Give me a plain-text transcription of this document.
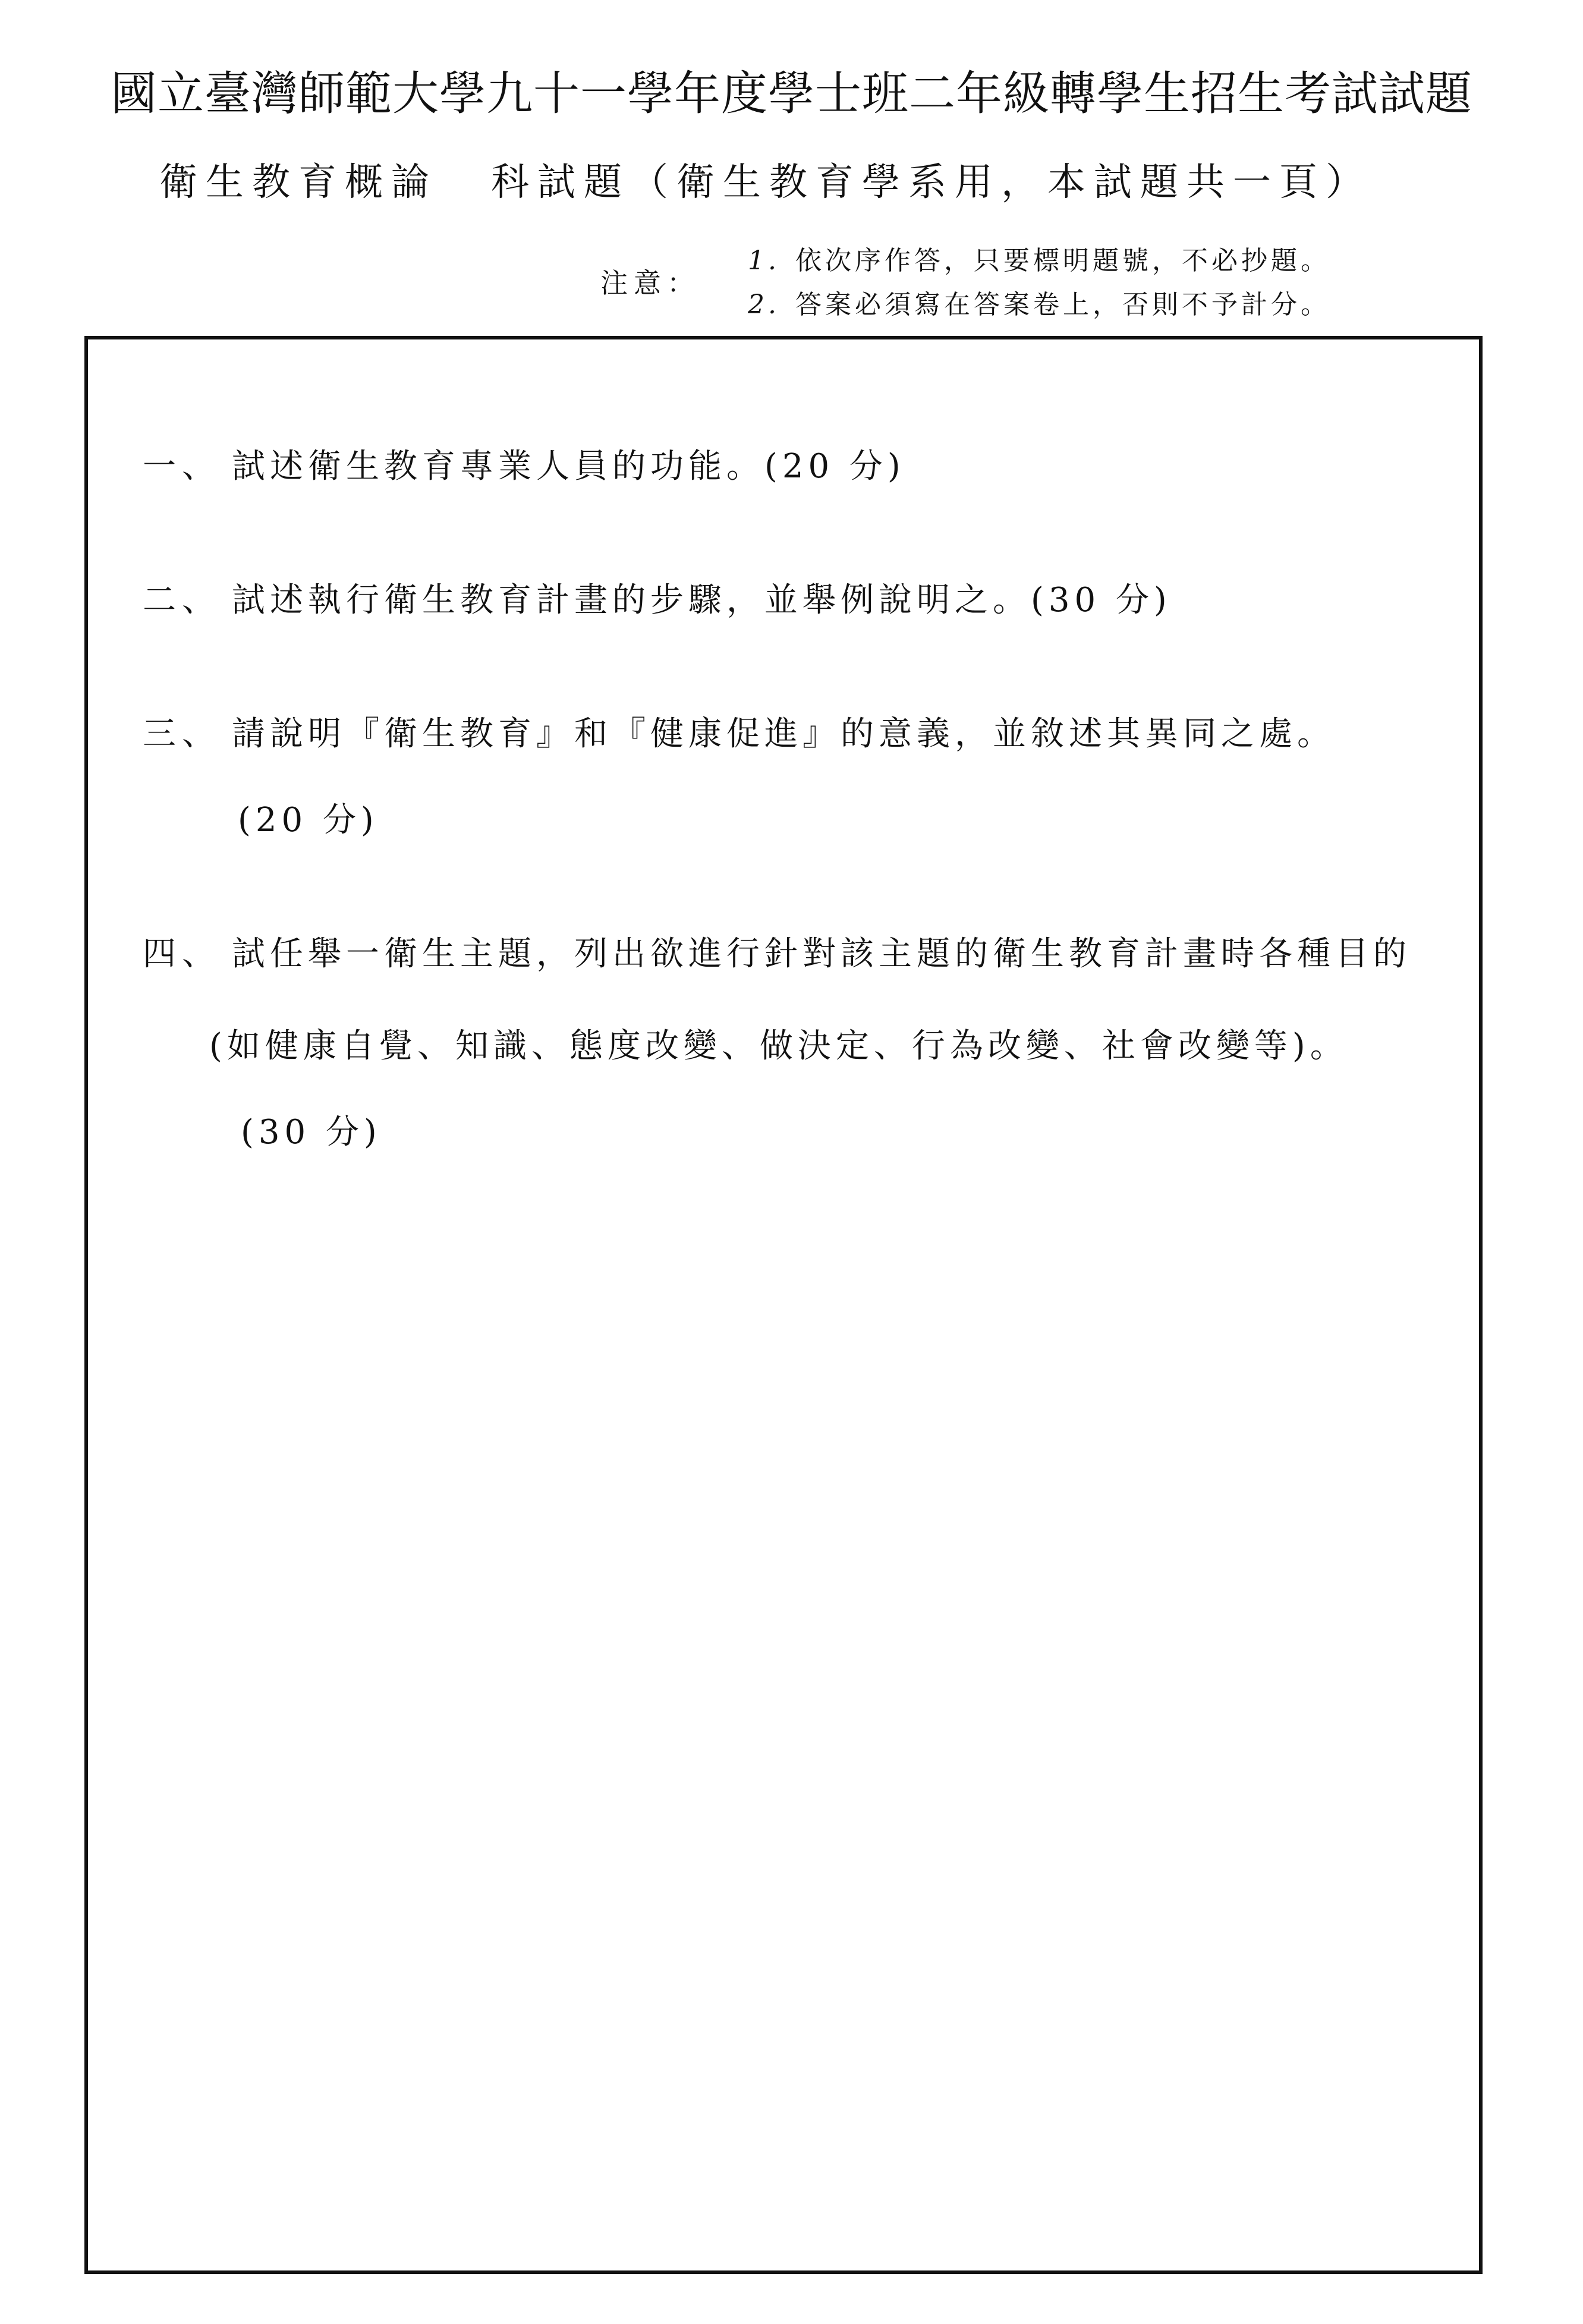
國立臺灣師範大學九十一學年度學士班二年級轉學生招生考試試題
衛生教育概論 科試題（衛生教育學系用，本試題共一頁）
注意：
1. 依次序作答，只要標明題號，不必抄題。
2. 答案必須寫在答案卷上，否則不予計分。
一、 試述衛生教育專業人員的功能。(20 分)
二、 試述執行衛生教育計畫的步驟，並舉例說明之。(30 分)
三、 請說明『衛生教育』和『健康促進』的意義，並敘述其異同之處。
(20 分)
四、 試任舉一衛生主題，列出欲進行針對該主題的衛生教育計畫時各種目的
(如健康自覺、知識、態度改變、做決定、行為改變、社會改變等)。
(30 分)
